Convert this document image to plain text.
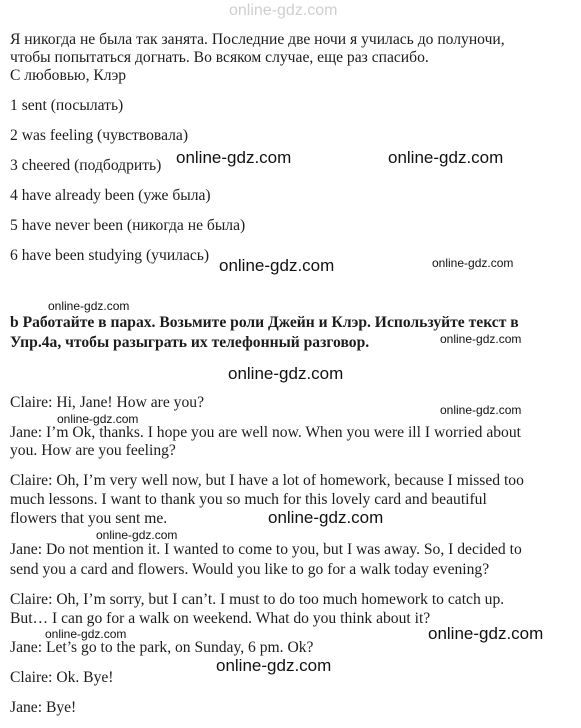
online-gdz.com
Я никогда не была так занята. Последние две ночи я училась до полуночи,
чтобы попытаться догнать. Во всяком случае, еще раз спасибо.
С любовью, Клэр
1 sent (посылать)
2 was feeling (чувствовала)
3 cheered (подбодрить)
4 have already been (уже была)
5 have never been (никогда не была)
6 have been studying (училась)
b Работайте в парах. Возьмите роли Джейн и Клэр. Используйте текст в
Упр.4а, чтобы разыграть их телефонный разговор.
Claire: Hi, Jane! How are you?
Jane: I’m Ok, thanks. I hope you are well now. When you were ill I worried about
you. How are you feeling?
Claire: Oh, I’m very well now, but I have a lot of homework, because I missed too
much lessons. I want to thank you so much for this lovely card and beautiful
flowers that you sent me.
Jane: Do not mention it. I wanted to come to you, but I was away. So, I decided to
send you a card and flowers. Would you like to go for a walk today evening?
Claire: Oh, I’m sorry, but I can’t. I must to do too much homework to catch up.
But… I can go for a walk on weekend. What do you think about it?
Jane: Let’s go to the park, on Sunday, 6 pm. Ok?
Claire: Ok. Bye!
Jane: Bye!
online-gdz.com	online-gdz.com
online-gdz.com	online-gdz.com
online-gdz.com
online-gdz.com
online-gdz.com
online-gdz.com
online-gdz.com
online-gdz.com
online-gdz.com
online-gdz.com
online-gdz.com
online-gdz.com
